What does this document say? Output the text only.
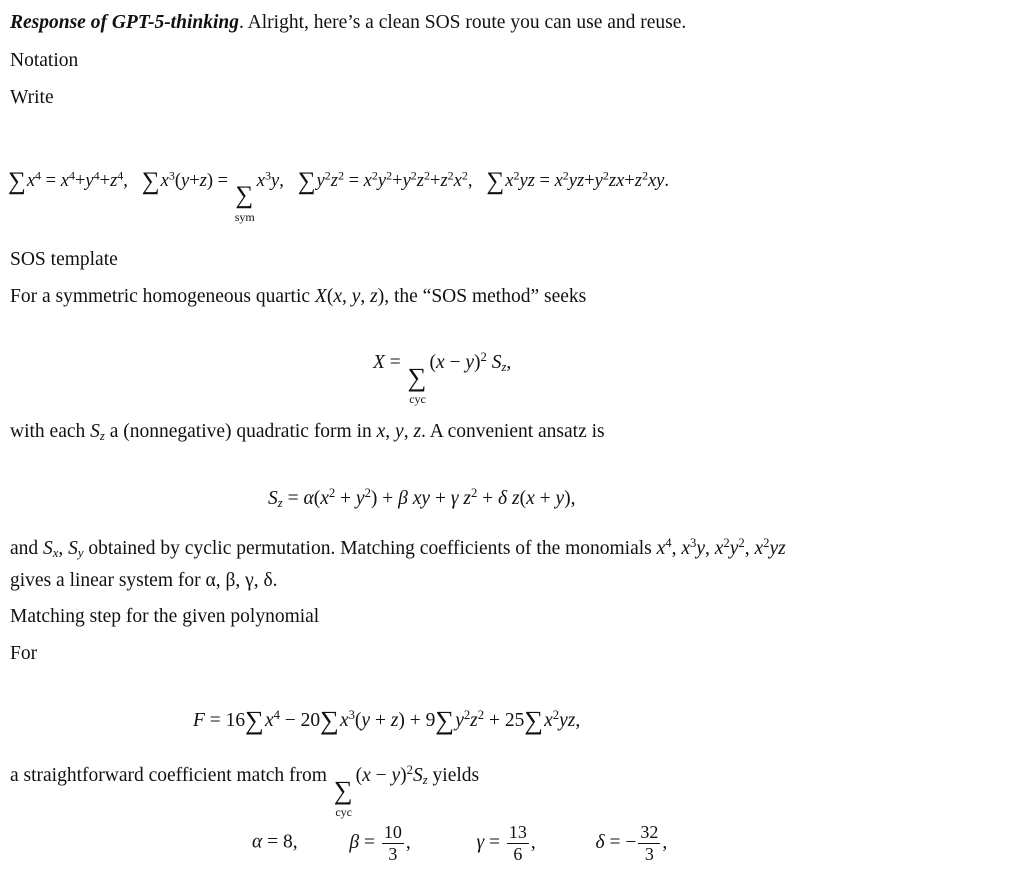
Response of GPT-5-thinking. Alright, here’s a clean SOS route you can use and reuse.
Notation
Write
$\sum x^4 = x^4+y^4+z^4$,   $\sum x^3(y+z)$ =
∑
sym
$x^3y$,   $\sum y^2z^2 = x^2y^2+y^2z^2+z^2x^2$,   $\sum x^2yz = x^2yz+y^2zx+z^2xy$.
SOS template
For a symmetric homogeneous quartic X(x, y, z), the “SOS method” seeks
X =
∑
cyc
$(x - y)^2$ $S_z$,
with each $S_z$ a (nonnegative) quadratic form in x, y, z. A convenient ansatz is
$S_z = \alpha(x^2 + y^2) + \beta$ xy + γ $z^2 + \delta$ z(x + y),
and $S_x$, $S_y$ obtained by cyclic permutation. Matching coefficients of the monomials $x^4$, $x^3y$, $x^2y^2$, $x^2yz$
gives a linear system for α, β, γ, δ.
Matching step for the given polynomial
For
$F = 16\sum x^4 - 20\sum x^3(y + z) + 9\sum y^2z^2 + 25\sum x^2yz$,
a straightforward coefficient match from
∑
cyc
$(x - y)^2S_z$ yields
α = 8,	$\beta = \frac{10}{3}$ ,	$\gamma = \frac{13}{6}$ ,	δ = − $\frac{32}{3}$ ,
